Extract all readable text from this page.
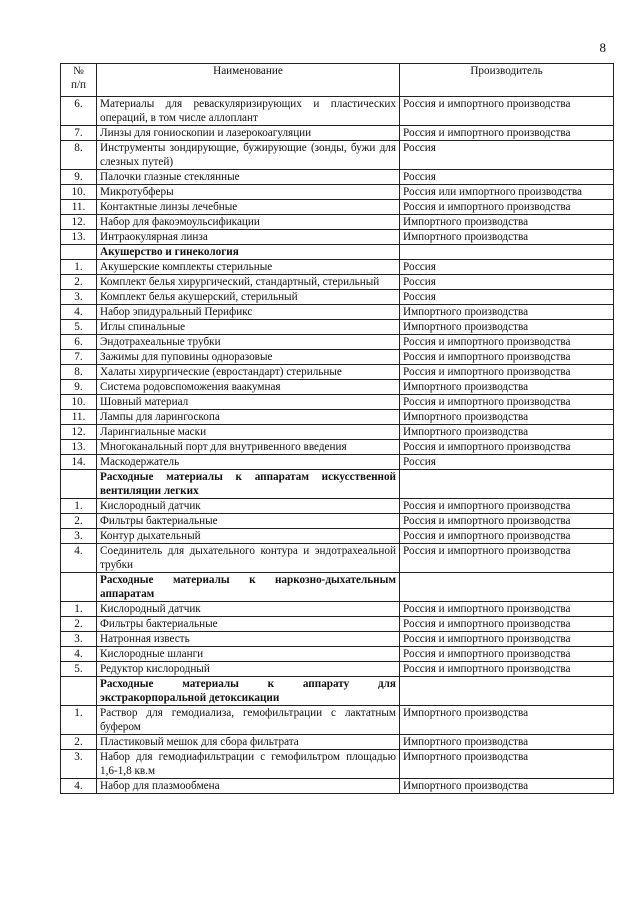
8
№
п/п	Наименование	Производитель
6.	Материалы для реваскуляризирующих и пластических операций, в том числе аллоплант	Россия и импортного производства
7.	Линзы для гониоскопии и лазерокоагуляции	Россия и импортного производства
8.	Инструменты зондирующие, бужирующие (зонды, бужи для слезных путей)	Россия
9.	Палочки глазные стеклянные	Россия
10.	Микротубферы	Россия или импортного производства
11.	Контактные линзы лечебные	Россия и импортного производства
12.	Набор для факоэмоульсификации	Импортного производства
13.	Интраокулярная линза	Импортного производства
	Акушерство и гинекология	
1.	Акушерские комплекты стерильные	Россия
2.	Комплект белья хирургический, стандартный, стерильный	Россия
3.	Комплект белья акушерский, стерильный	Россия
4.	Набор эпидуральный Перификс	Импортного производства
5.	Иглы спинальные	Импортного производства
6.	Эндотрахеальные трубки	Россия и импортного производства
7.	Зажимы для пуповины одноразовые	Россия и импортного производства
8.	Халаты хирургические (евростандарт) стерильные	Россия и импортного производства
9.	Система родовспоможения ваакумная	Импортного производства
10.	Шовный материал	Россия и импортного производства
11.	Лампы для ларингоскопа	Импортного производства
12.	Ларингиальные маски	Импортного производства
13.	Многоканальный порт для внутривенного введения	Россия и импортного производства
14.	Маскодержатель	Россия
	Расходные материалы к аппаратам искусственной вентиляции легких	
1.	Кислородный датчик	Россия и импортного производства
2.	Фильтры бактериальные	Россия и импортного производства
3.	Контур дыхательный	Россия и импортного производства
4.	Соединитель для дыхательного контура и эндотрахеальной трубки	Россия и импортного производства
	Расходные материалы к наркозно-дыхательным аппаратам	
1.	Кислородный датчик	Россия и импортного производства
2.	Фильтры бактериальные	Россия и импортного производства
3.	Натронная известь	Россия и импортного производства
4.	Кислородные шланги	Россия и импортного производства
5.	Редуктор кислородный	Россия и импортного производства
	Расходные материалы к аппарату для экстракорпоральной детоксикации	
1.	Раствор для гемодиализа, гемофильтрации с лактатным буфером	Импортного производства
2.	Пластиковый мешок для сбора фильтрата	Импортного производства
3.	Набор для гемодиафильтрации с гемофильтром площадью 1,6-1,8 кв.м	Импортного производства
4.	Набор для плазмообмена	Импортного производства
